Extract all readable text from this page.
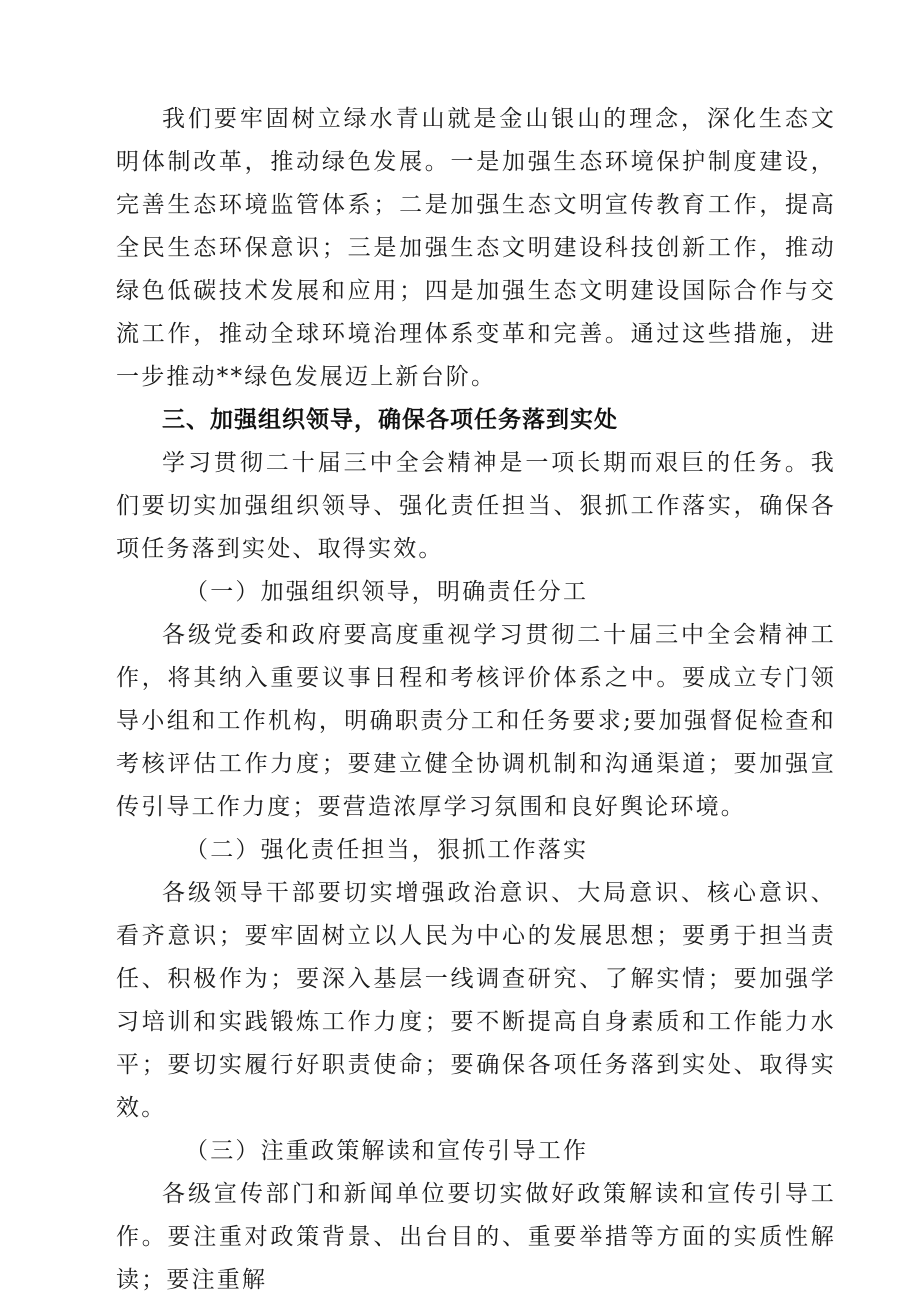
我们要牢固树立绿水青山就是金山银山的理念，深化生态文明体制改革，推动绿色发展。一是加强生态环境保护制度建设，完善生态环境监管体系；二是加强生态文明宣传教育工作，提高全民生态环保意识；三是加强生态文明建设科技创新工作，推动绿色低碳技术发展和应用；四是加强生态文明建设国际合作与交流工作，推动全球环境治理体系变革和完善。通过这些措施，进一步推动**绿色发展迈上新台阶。

三、加强组织领导，确保各项任务落到实处

学习贯彻二十届三中全会精神是一项长期而艰巨的任务。我们要切实加强组织领导、强化责任担当、狠抓工作落实，确保各项任务落到实处、取得实效。

（一）加强组织领导，明确责任分工

各级党委和政府要高度重视学习贯彻二十届三中全会精神工作，将其纳入重要议事日程和考核评价体系之中。要成立专门领导小组和工作机构，明确职责分工和任务要求;要加强督促检查和考核评估工作力度；要建立健全协调机制和沟通渠道；要加强宣传引导工作力度；要营造浓厚学习氛围和良好舆论环境。

（二）强化责任担当，狠抓工作落实

各级领导干部要切实增强政治意识、大局意识、核心意识、看齐意识；要牢固树立以人民为中心的发展思想；要勇于担当责任、积极作为；要深入基层一线调查研究、了解实情；要加强学习培训和实践锻炼工作力度；要不断提高自身素质和工作能力水平；要切实履行好职责使命；要确保各项任务落到实处、取得实效。

（三）注重政策解读和宣传引导工作

各级宣传部门和新闻单位要切实做好政策解读和宣传引导工作。要注重对政策背景、出台目的、重要举措等方面的实质性解读；要注重解
